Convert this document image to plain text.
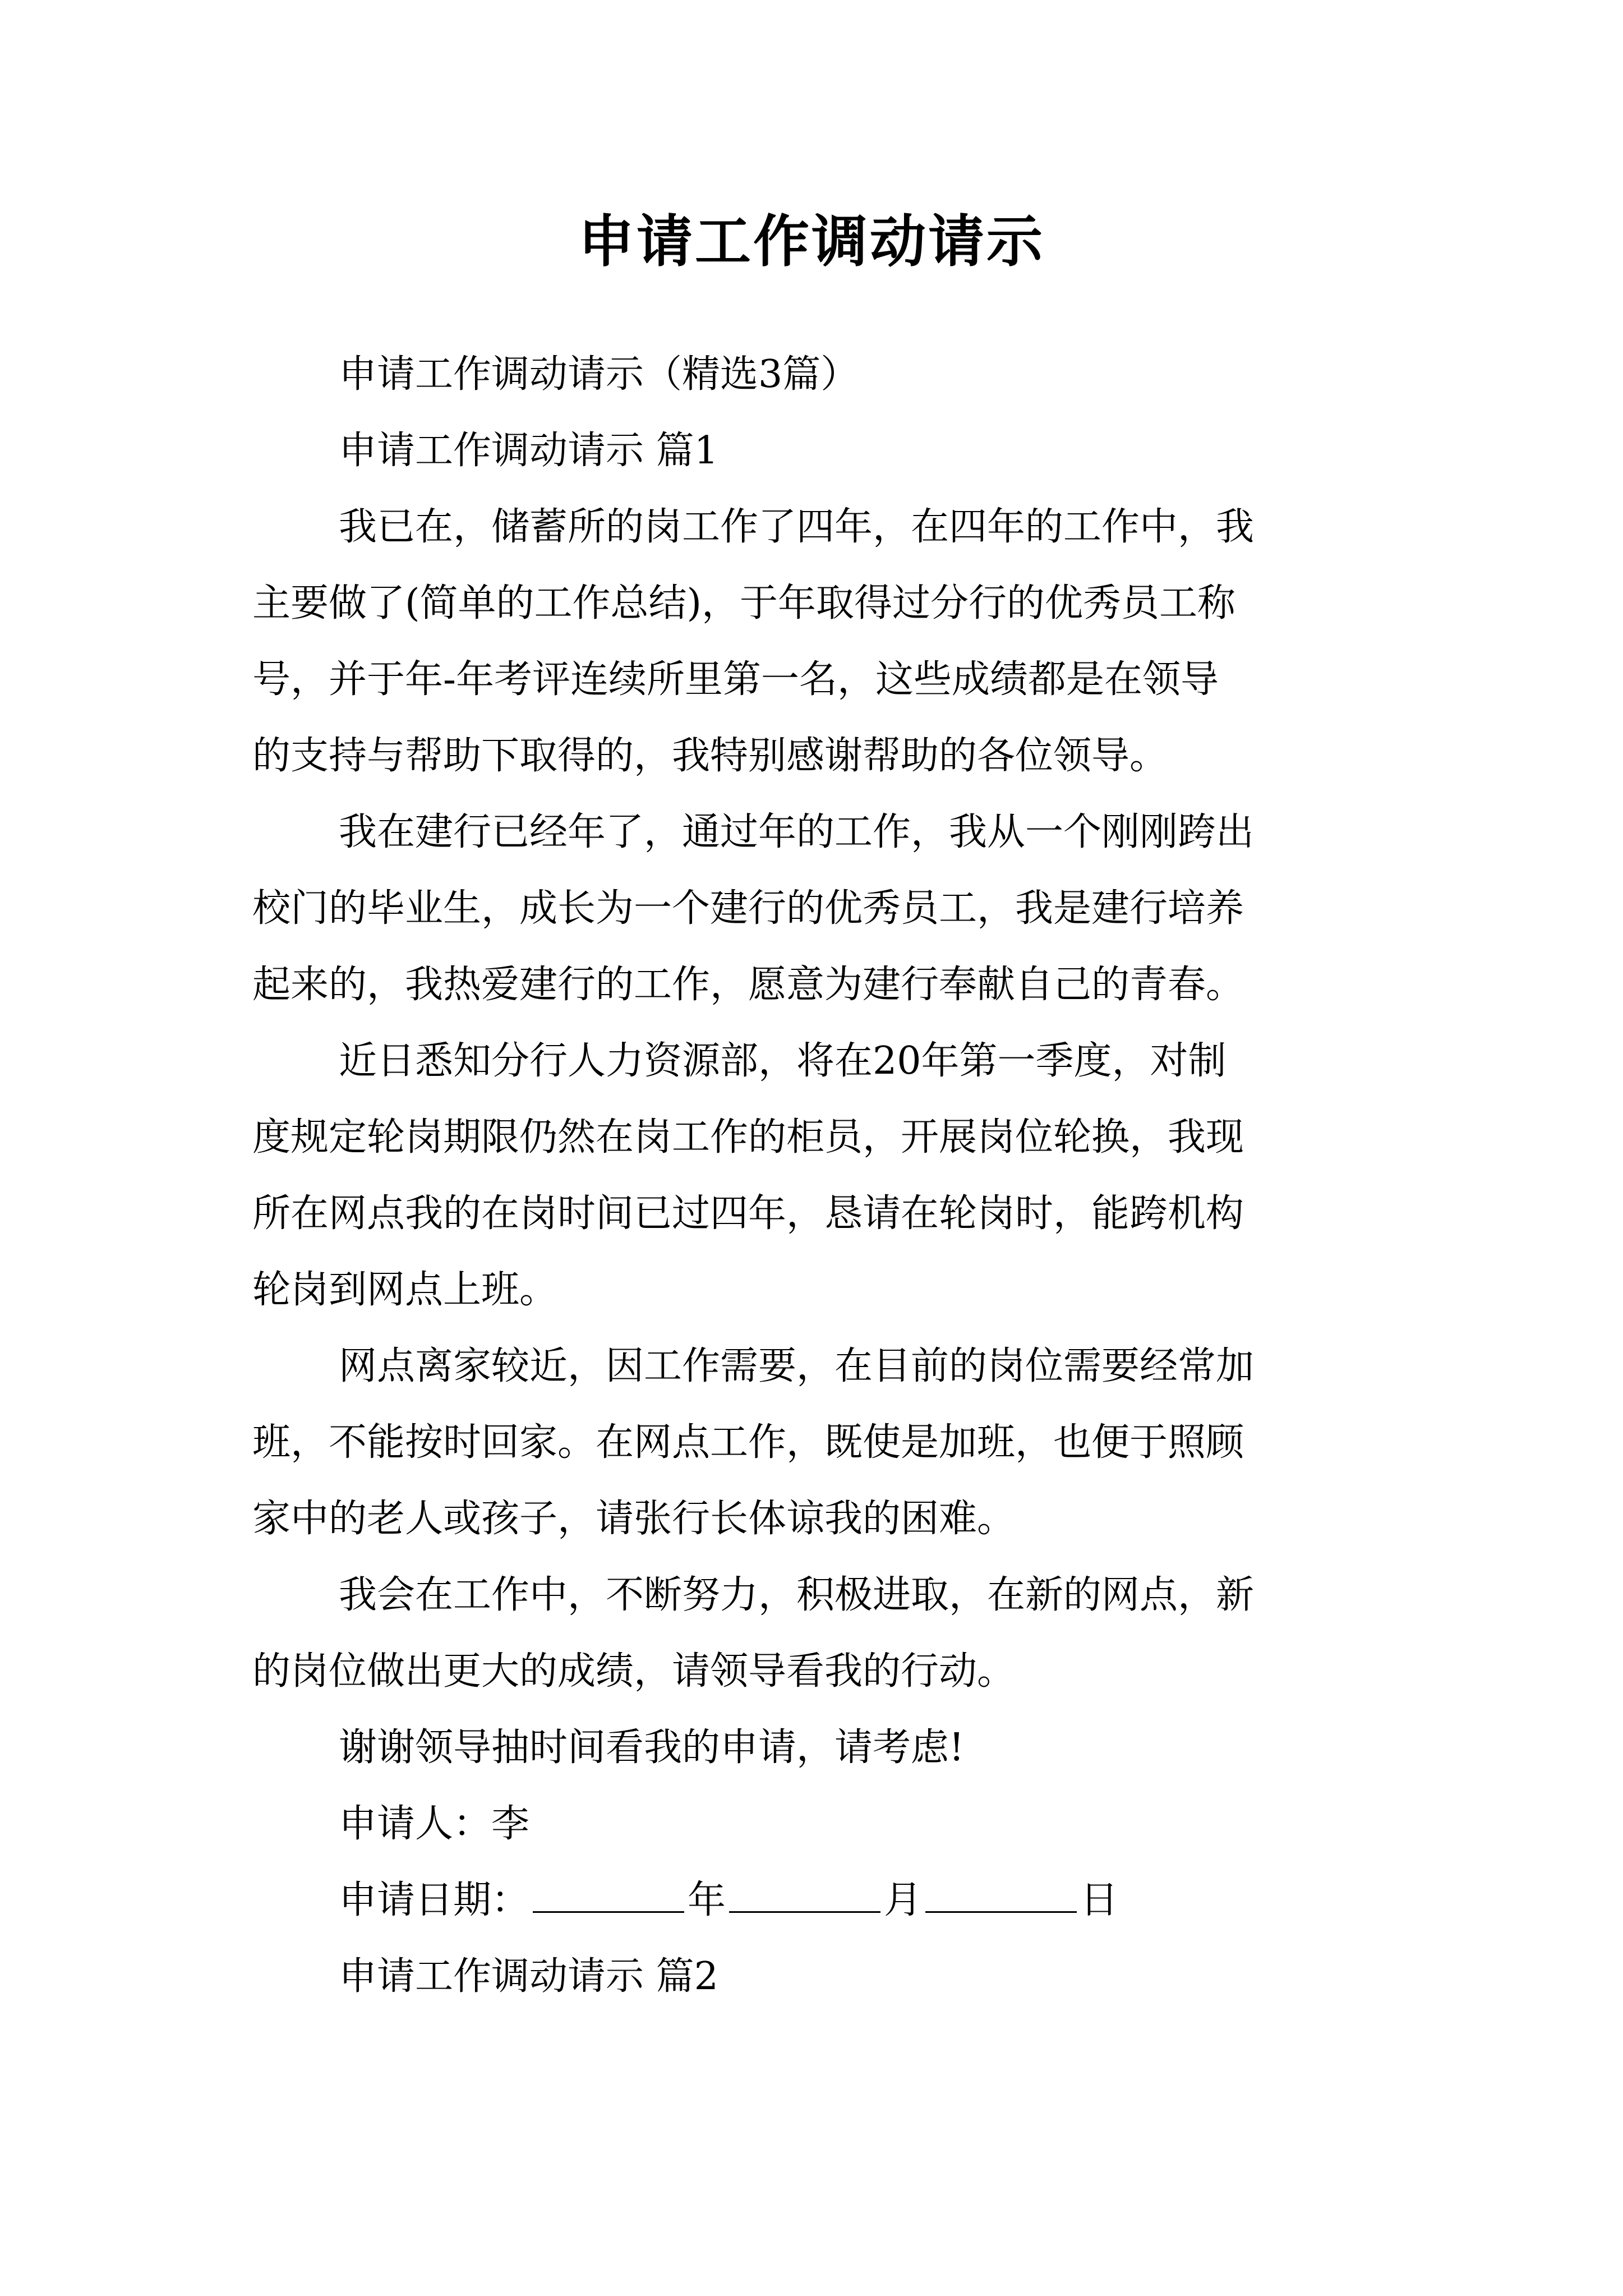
申请工作调动请示

申请工作调动请示（精选3篇）

申请工作调动请示 篇1

我已在，储蓄所的岗工作了四年，在四年的工作中，我

主要做了(简单的工作总结)，于年取得过分行的优秀员工称

号，并于年-年考评连续所里第一名，这些成绩都是在领导

的支持与帮助下取得的，我特别感谢帮助的各位领导。

我在建行已经年了，通过年的工作，我从一个刚刚跨出

校门的毕业生，成长为一个建行的优秀员工，我是建行培养

起来的，我热爱建行的工作，愿意为建行奉献自己的青春。

近日悉知分行人力资源部，将在20年第一季度，对制

度规定轮岗期限仍然在岗工作的柜员，开展岗位轮换，我现

所在网点我的在岗时间已过四年，恳请在轮岗时，能跨机构

轮岗到网点上班。

网点离家较近，因工作需要，在目前的岗位需要经常加

班，不能按时回家。在网点工作，既使是加班，也便于照顾

家中的老人或孩子，请张行长体谅我的困难。

我会在工作中，不断努力，积极进取，在新的网点，新

的岗位做出更大的成绩，请领导看我的行动。

谢谢领导抽时间看我的申请，请考虑!

申请人：李

申请日期：	年	月	日

申请工作调动请示 篇2
